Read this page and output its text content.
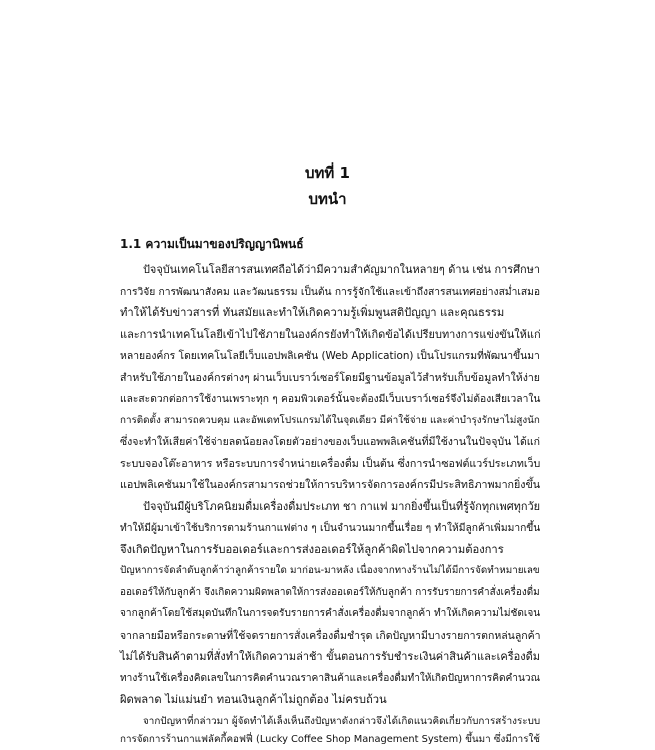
บทที่ 1
บทนำ
1.1 ความเป็นมาของปริญญานิพนธ์
ปัจจุบันเทคโนโลยีสารสนเทศถือได้ว่ามีความสำคัญมากในหลายๆ ด้าน เช่น การศึกษา
การวิจัย การพัฒนาสังคม และวัฒนธรรม เป็นต้น การรู้จักใช้และเข้าถึงสารสนเทศอย่างสม่ำเสมอ
ทำให้ได้รับข่าวสารที่ ทันสมัยและทำให้เกิดความรู้เพิ่มพูนสติปัญญา และคุณธรรม
และการนำเทคโนโลยีเข้าไปใช้ภายในองค์กรยังทำให้เกิดข้อได้เปรียบทางการแข่งขันให้แก่
หลายองค์กร โดยเทคโนโลยีเว็บแอปพลิเคชัน (Web Application) เป็นโปรแกรมที่พัฒนาขึ้นมา
สำหรับใช้ภายในองค์กรต่างๆ ผ่านเว็บเบราว์เซอร์โดยมีฐานข้อมูลไว้สำหรับเก็บข้อมูลทำให้ง่าย
และสะดวกต่อการใช้งานเพราะทุก ๆ คอมพิวเตอร์นั้นจะต้องมีเว็บเบราว์เซอร์จึงไม่ต้องเสียเวลาใน
การติดตั้ง สามารถควบคุม และอัพเดทโปรแกรมได้ในจุดเดียว มีค่าใช้จ่าย และค่าบำรุงรักษาไม่สูงนัก
ซึ่งจะทำให้เสียค่าใช้จ่ายลดน้อยลงโดยตัวอย่างของเว็บแอพพลิเคชันที่มีใช้งานในปัจจุบัน ได้แก่
ระบบจองโต๊ะอาหาร หรือระบบการจำหน่ายเครื่องดื่ม เป็นต้น ซึ่งการนำซอฟต์แวร์ประเภทเว็บ
แอปพลิเคชันมาใช้ในองค์กรสามารถช่วยให้การบริหารจัดการองค์กรมีประสิทธิภาพมากยิ่งขึ้น
ปัจจุบันมีผู้บริโภคนิยมดื่มเครื่องดื่มประเภท ชา กาแฟ มากยิ่งขึ้นเป็นที่รู้จักทุกเพศทุกวัย
ทำให้มีผู้มาเข้าใช้บริการตามร้านกาแฟต่าง ๆ เป็นจำนวนมากขึ้นเรื่อย ๆ ทำให้มีลูกค้าเพิ่มมากขึ้น
จึงเกิดปัญหาในการรับออเดอร์และการส่งออเดอร์ให้ลูกค้าผิดไปจากความต้องการ
ปัญหาการจัดลำดับลูกค้าว่าลูกค้ารายใด มาก่อน-มาหลัง เนื่องจากทางร้านไม่ได้มีการจัดทำหมายเลข
ออเดอร์ให้กับลูกค้า จึงเกิดความผิดพลาดให้การส่งออเดอร์ให้กับลูกค้า การรับรายการคำสั่งเครื่องดื่ม
จากลูกค้าโดยใช้สมุดบันทึกในการจดรับรายการคำสั่งเครื่องดื่มจากลูกค้า ทำให้เกิดความไม่ชัดเจน
จากลายมือหรือกระดาษที่ใช้จดรายการสั่งเครื่องดื่มชำรุด เกิดปัญหามีบางรายการตกหล่นลูกค้า
ไม่ได้รับสินค้าตามที่สั่งทำให้เกิดความล่าช้า ขั้นตอนการรับชำระเงินค่าสินค้าและเครื่องดื่ม
ทางร้านใช้เครื่องคิดเลขในการคิดคำนวณราคาสินค้าและเครื่องดื่มทำให้เกิดปัญหาการคิดคำนวณ
ผิดพลาด ไม่แม่นยำ ทอนเงินลูกค้าไม่ถูกต้อง ไม่ครบถ้วน
จากปัญหาที่กล่าวมา ผู้จัดทำได้เล็งเห็นถึงปัญหาดังกล่าวจึงได้เกิดแนวคิดเกี่ยวกับการสร้างระบบ
การจัดการร้านกาแฟลัคกี้คอฟฟี่ (Lucky Coffee Shop Management System) ขึ้นมา ซึ่งมีการใช้
